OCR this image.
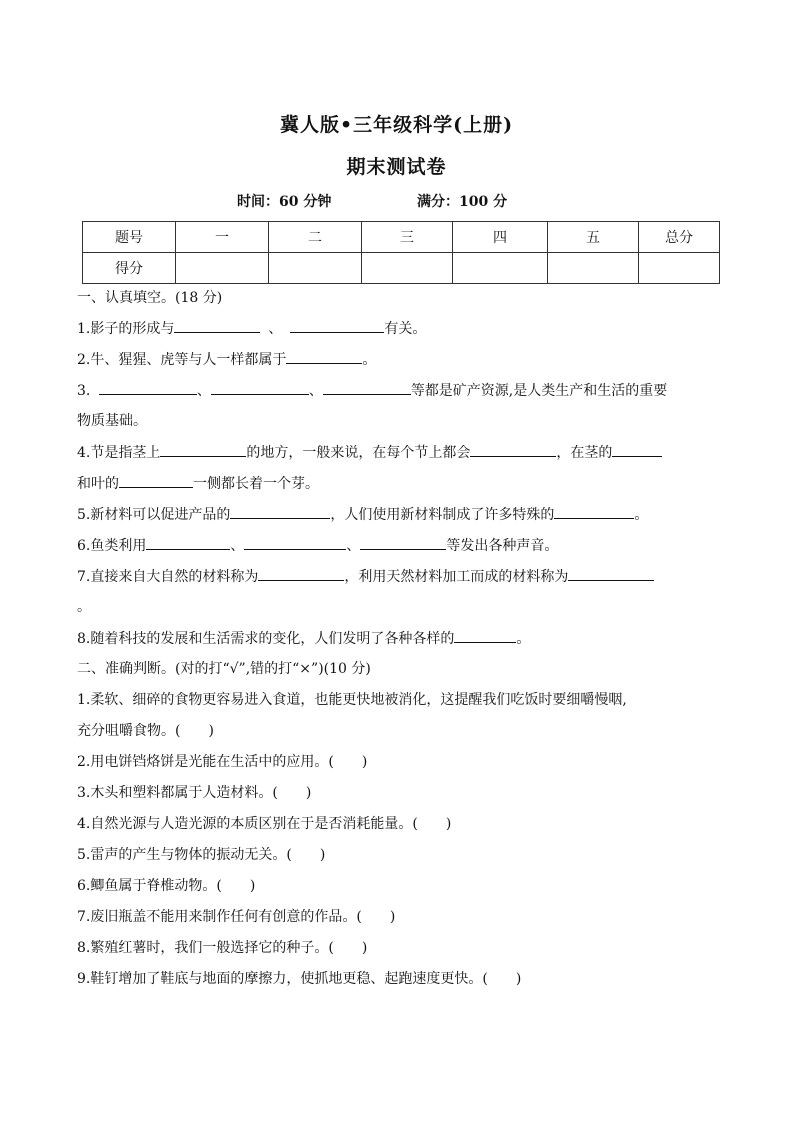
冀人版•三年级科学(上册)
期末测试卷
时间：60 分钟	满分：100 分
题号	一	二	三	四	五	总分
得分						
一、认真填空。(18 分)
1.影子的形成与	、	有关。
2.牛、猩猩、虎等与人一样都属于	。
3.	、	、	等都是矿产资源,是人类生产和生活的重要
物质基础。
4.节是指茎上	的地方，一般来说，在每个节上都会	，在茎的
和叶的	一侧都长着一个芽。
5.新材料可以促进产品的	，人们使用新材料制成了许多特殊的	。
6.鱼类利用	、	、	等发出各种声音。
7.直接来自大自然的材料称为	，利用天然材料加工而成的材料称为
。
8.随着科技的发展和生活需求的变化，人们发明了各种各样的	。
二、准确判断。(对的打“√”,错的打“×”)(10 分)
1.柔软、细碎的食物更容易进入食道，也能更快地被消化，这提醒我们吃饭时要细嚼慢咽,
充分咀嚼食物。(　　)
2.用电饼铛烙饼是光能在生活中的应用。(　　)
3.木头和塑料都属于人造材料。(　　)
4.自然光源与人造光源的本质区别在于是否消耗能量。(　　)
5.雷声的产生与物体的振动无关。(　　)
6.鲫鱼属于脊椎动物。(　　)
7.废旧瓶盖不能用来制作任何有创意的作品。(　　)
8.繁殖红薯时，我们一般选择它的种子。(　　)
9.鞋钉增加了鞋底与地面的摩擦力，使抓地更稳、起跑速度更快。(　　)
